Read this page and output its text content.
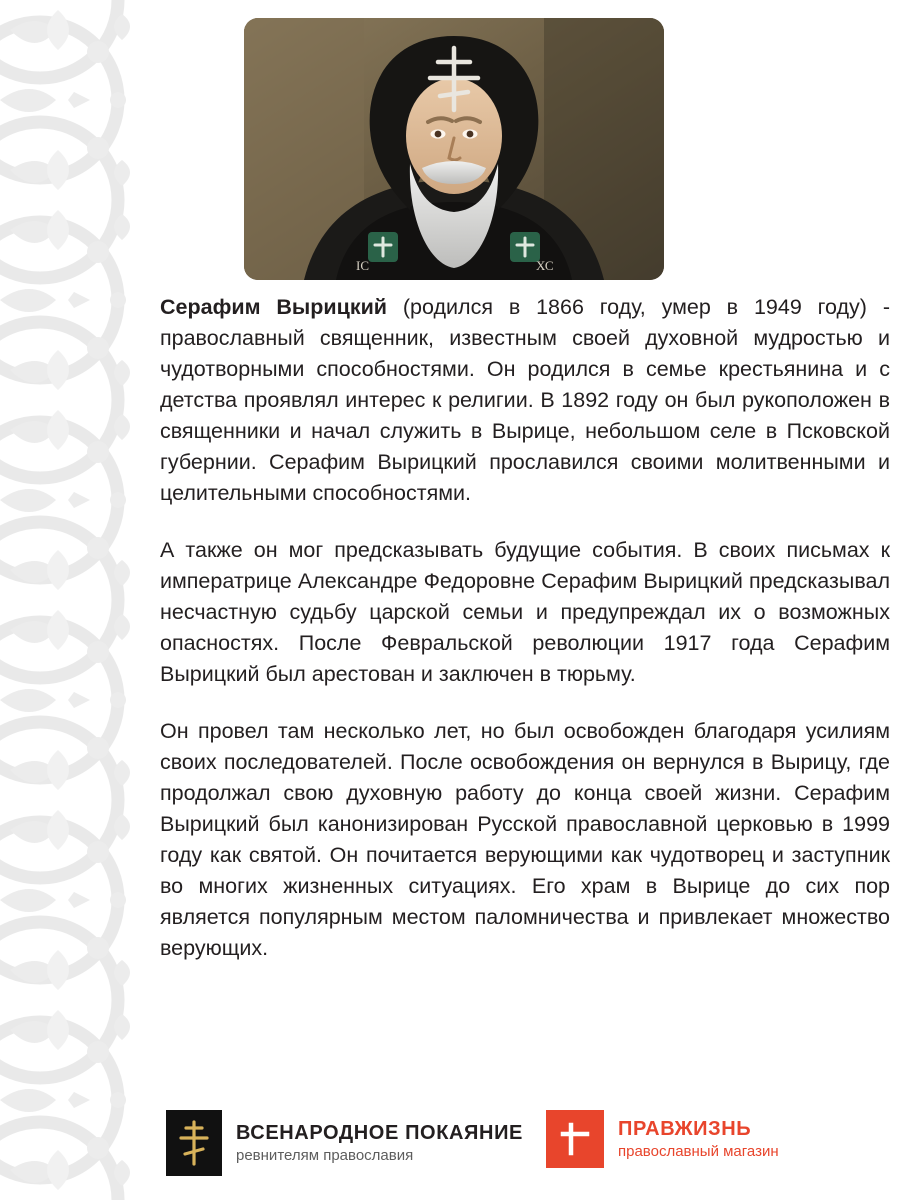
ІС	ХС

Серафим Вырицкий (родился в 1866 году, умер в 1949 году) - православный священник, известным своей духовной мудростью и чудотворными способностями. Он родился в семье крестьянина и с детства проявлял интерес к религии. В 1892 году он был рукоположен в священники и начал служить в Вырице, небольшом селе в Псковской губернии. Серафим Вырицкий прославился своими молитвенными и целительными способностями.

А также он мог предсказывать будущие события. В своих письмах к императрице Александре Федоровне Серафим Вырицкий предсказывал несчастную судьбу царской семьи и предупреждал их о возможных опасностях. После Февральской революции 1917 года Серафим Вырицкий был арестован и заключен в тюрьму.

Он провел там несколько лет, но был освобожден благодаря усилиям своих последователей. После освобождения он вернулся в Вырицу, где продолжал свою духовную работу до конца своей жизни. Серафим Вырицкий был канонизирован Русской православной церковью в 1999 году как святой. Он почитается верующими как чудотворец и заступник во многих жизненных ситуациях. Его храм в Вырице до сих пор является популярным местом паломничества и привлекает множество верующих.

ВСЕНАРОДНОЕ ПОКАЯНИЕ
ревнителям православия
ПРАВЖИЗНЬ
православный магазин
